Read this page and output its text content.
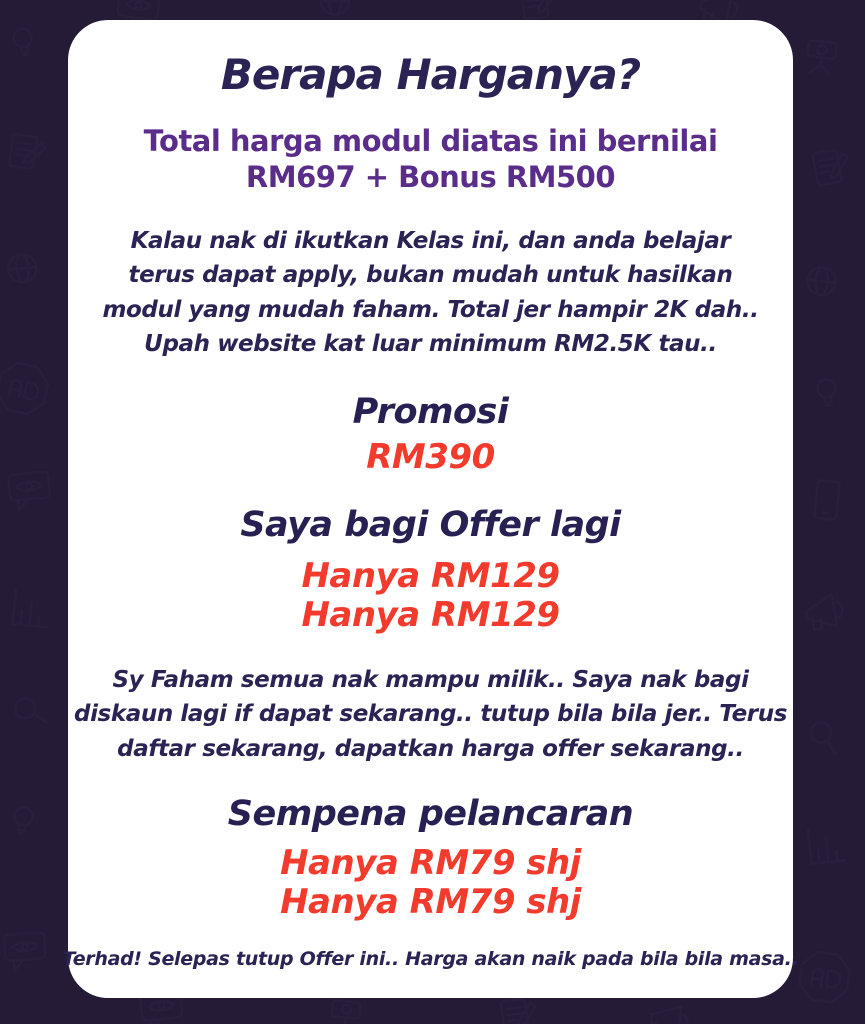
Berapa Harganya?
Total harga modul diatas ini bernilai
RM697 + Bonus RM500
Kalau nak di ikutkan Kelas ini, dan anda belajar
terus dapat apply, bukan mudah untuk hasilkan
modul yang mudah faham. Total jer hampir 2K dah..
Upah website kat luar minimum RM2.5K tau..
Promosi
RM390
Saya bagi Offer lagi
Hanya RM129
Hanya RM129
Sy Faham semua nak mampu milik.. Saya nak bagi
diskaun lagi if dapat sekarang.. tutup bila bila jer.. Terus
daftar sekarang, dapatkan harga offer sekarang..
Sempena pelancaran
Hanya RM79 shj
Hanya RM79 shj
Terhad! Selepas tutup Offer ini.. Harga akan naik pada bila bila masa..
